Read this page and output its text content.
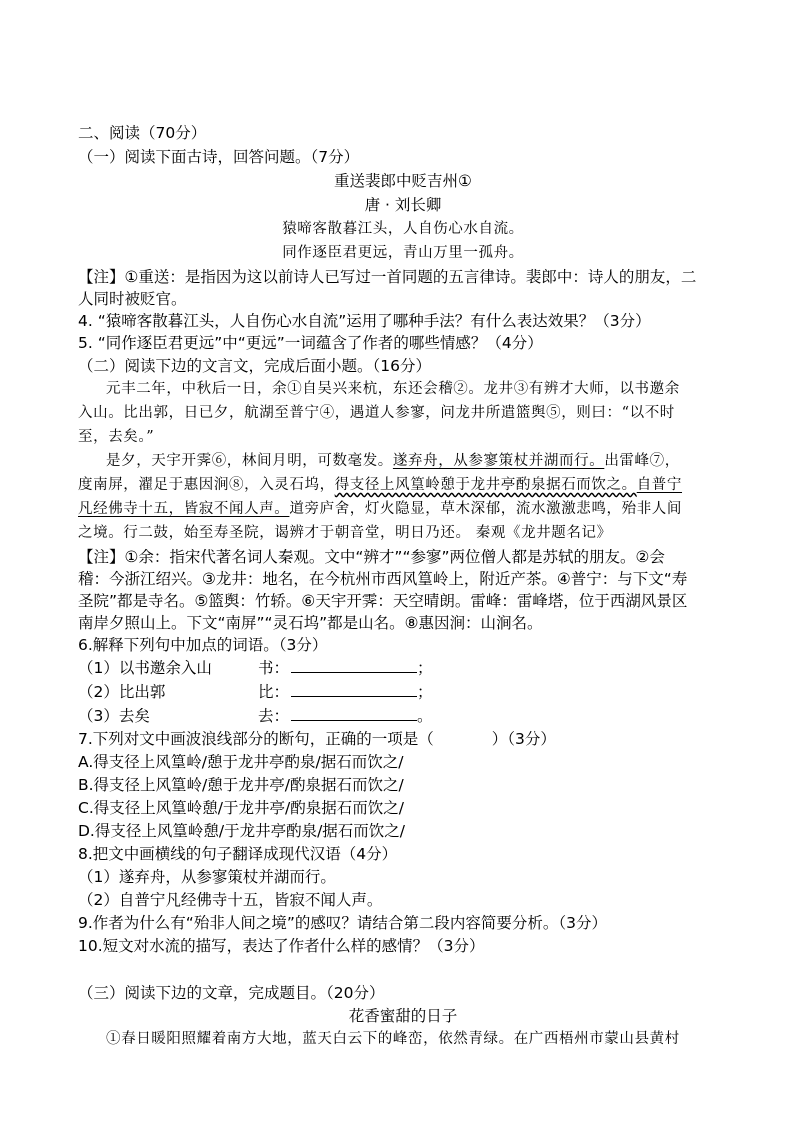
二、阅读（70分）
（一）阅读下面古诗，回答问题。（7分）
重送裴郎中贬吉州①
唐 · 刘长卿
猿啼客散暮江头，人自伤心水自流。
同作逐臣君更远，青山万里一孤舟。
【注】①重送：是指因为这以前诗人已写过一首同题的五言律诗。裴郎中：诗人的朋友，二
人同时被贬官。
4. “猿啼客散暮江头，人自伤心水自流”运用了哪种手法？有什么表达效果？（3分）
5. “同作逐臣君更远”中“更远”一词蕴含了作者的哪些情感？（4分）
（二）阅读下边的文言文，完成后面小题。（16分）
元丰二年，中秋后一日，余①自吴兴来杭，东还会稽②。龙井③有辨才大师，以书邀余
入山。比出郭，日已夕，航湖至普宁④，遇道人参寥，问龙井所遣篮舆⑤，则曰：“以不时
至，去矣。”
是夕，天宇开霁⑥，林间月明，可数毫发。遂弃舟，从参寥策杖并湖而行。出雷峰⑦，
度南屏，濯足于惠因涧⑧，入灵石坞，得支径上风篁岭憩于龙井亭酌泉据石而饮之。自普宁
凡经佛寺十五，皆寂不闻人声。道旁庐舍，灯火隐显，草木深郁，流水激激悲鸣，殆非人间
之境。行二鼓，始至寿圣院，谒辨才于朝音堂，明日乃还。 秦观《龙井题名记》
【注】①余：指宋代著名词人秦观。文中“辨才”“参寥”两位僧人都是苏轼的朋友。②会
稽：今浙江绍兴。③龙井：地名，在今杭州市西风篁岭上，附近产茶。④普宁：与下文“寿
圣院”都是寺名。⑤篮舆：竹轿。⑥天宇开霁：天空晴朗。雷峰：雷峰塔，位于西湖风景区
南岸夕照山上。下文“南屏”“灵石坞”都是山名。⑧惠因涧：山涧名。
6.解释下列句中加点的词语。（3分）
（1）以书邀余入山	书：	；
（2）比出郭	比：	；
（3）去矣	去：	。
7.下列对文中画波浪线部分的断句，正确的一项是（	）（3分）
A.得支径上风篁岭/憩于龙井亭酌泉/据石而饮之/
B.得支径上风篁岭/憩于龙井亭/酌泉据石而饮之/
C.得支径上风篁岭憩/于龙井亭/酌泉据石而饮之/
D.得支径上风篁岭憩/于龙井亭酌泉/据石而饮之/
8.把文中画横线的句子翻译成现代汉语（4分）
（1）遂弃舟，从参寥策杖并湖而行。
（2）自普宁凡经佛寺十五，皆寂不闻人声。
9.作者为什么有“殆非人间之境”的感叹？请结合第二段内容简要分析。（3分）
10.短文对水流的描写，表达了作者什么样的感情？（3分）
（三）阅读下边的文章，完成题目。（20分）
花香蜜甜的日子
①春日暖阳照耀着南方大地，蓝天白云下的峰峦，依然青绿。在广西梧州市蒙山县黄村
